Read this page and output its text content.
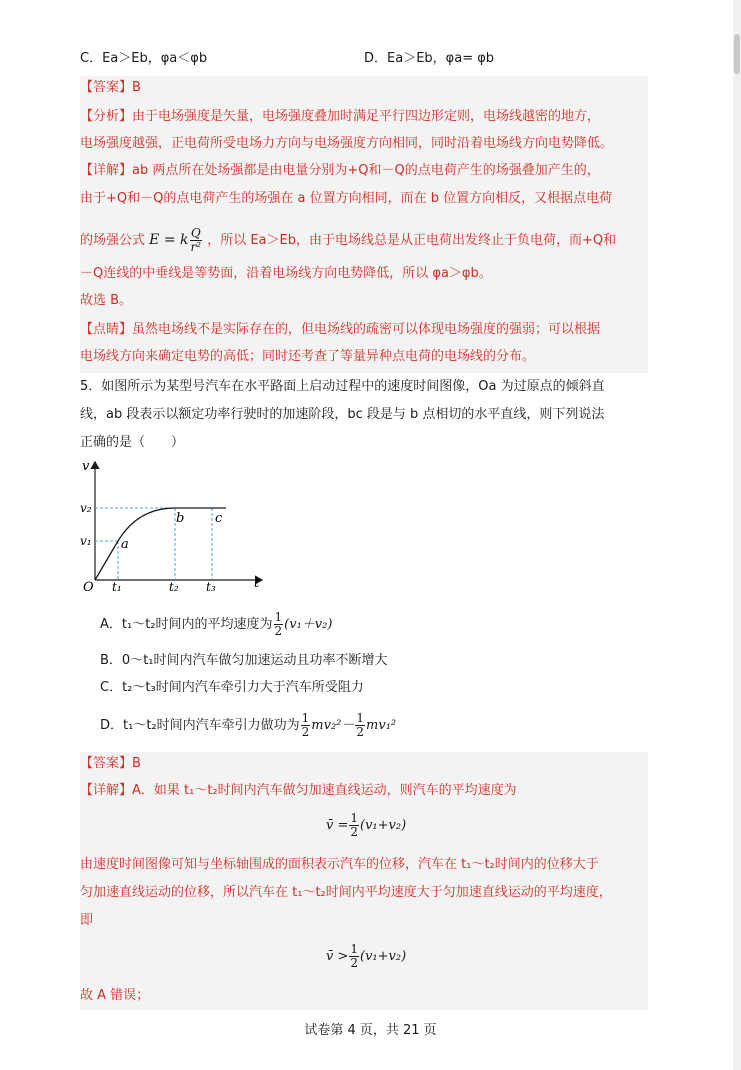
C．Ea＞Eb，φa＜φb	D．Ea＞Eb，φa= φb
【答案】B
【分析】由于电场强度是矢量，电场强度叠加时满足平行四边形定则，电场线越密的地方，
电场强度越强，正电荷所受电场力方向与电场强度方向相同，同时沿着电场线方向电势降低。
【详解】ab 两点所在处场强都是由电量分别为+Q和－Q的点电荷产生的场强叠加产生的，
由于+Q和－Q的点电荷产生的场强在 a 位置方向相同，而在 b 位置方向相反，又根据点电荷
的场强公式 E = k $\frac{Q}{\text{r²}}$ ，所以 Ea＞Eb，由于电场线总是从正电荷出发终止于负电荷，而+Q和
－Q连线的中垂线是等势面，沿着电场线方向电势降低，所以 φa＞φb。
故选 B。
【点睛】虽然电场线不是实际存在的，但电场线的疏密可以体现电场强度的强弱；可以根据
电场线方向来确定电势的高低；同时还考查了等量异种点电荷的电场线的分布。
5．如图所示为某型号汽车在水平路面上启动过程中的速度时间图像，Oa 为过原点的倾斜直
线，ab 段表示以额定功率行驶时的加速阶段，bc 段是与 b 点相切的水平直线，则下列说法
正确的是（　　）
v
v₂
v₁
O	t
t₁	t₂ t₃
a
b c
A．t₁～t₂时间内的平均速度为 $\frac{1}{2} (v_1+v_2)$
B．0～t₁时间内汽车做匀加速运动且功率不断增大
C．t₂～t₃时间内汽车牵引力大于汽车所受阻力
D．t₁～t₂时间内汽车牵引力做功为 $\frac{1}{2} mv_2^2- \frac{1}{2} mv_1^2$
【答案】B
【详解】A．如果 t₁～t₂时间内汽车做匀加速直线运动，则汽车的平均速度为
v̄ = $\frac{1}{2} (v_1+v_2)$
由速度时间图像可知与坐标轴围成的面积表示汽车的位移，汽车在 t₁～t₂时间内的位移大于
匀加速直线运动的位移，所以汽车在 t₁～t₂时间内平均速度大于匀加速直线运动的平均速度，
即
v̄ > $\frac{1}{2} (v_1+v_2)$
故 A 错误；
试卷第 4 页，共 21 页
